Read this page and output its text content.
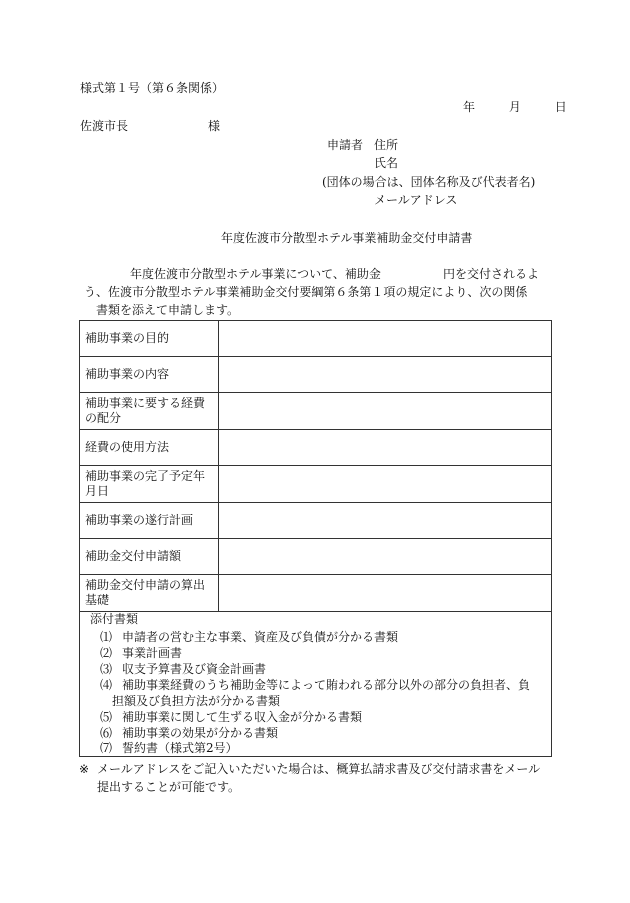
様式第１号（第６条関係）
年	月	日
佐渡市長	様
申請者 住所
氏名
(団体の場合は、団体名称及び代表者名)
メールアドレス
年度佐渡市分散型ホテル事業補助金交付申請書
年度佐渡市分散型ホテル事業について、補助金	円を交付されるよ
う、佐渡市分散型ホテル事業補助金交付要綱第６条第１項の規定により、次の関係
書類を添えて申請します。
補助事業の目的	
補助事業の内容	
補助事業に要する経費の配分	
経費の使用方法	
補助事業の完了予定年月日	
補助事業の遂行計画	
補助金交付申請額	
補助金交付申請の算出基礎	
添付書類
⑴ 申請者の営む主な事業、資産及び負債が分かる書類
⑵ 事業計画書
⑶ 収支予算書及び資金計画書
⑷ 補助事業経費のうち補助金等によって賄われる部分以外の部分の負担者、負
担額及び負担方法が分かる書類
⑸ 補助事業に関して生ずる収入金が分かる書類
⑹ 補助事業の効果が分かる書類
⑺ 誓約書（様式第2号）
※ メールアドレスをご記入いただいた場合は、概算払請求書及び交付請求書をメール
提出することが可能です。
